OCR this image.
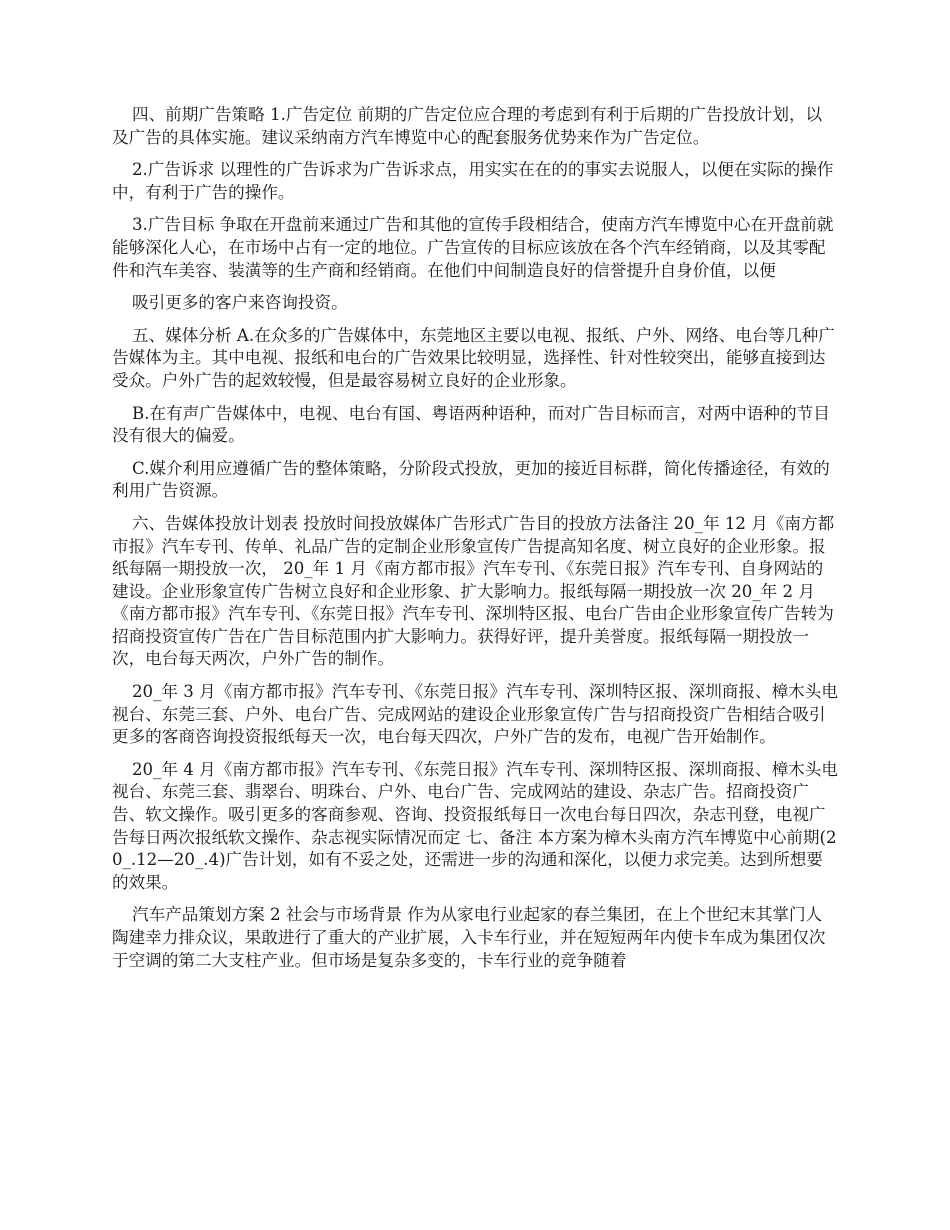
四、前期广告策略 1.广告定位 前期的广告定位应合理的考虑到有利于后期的广告投放计划，以及广告的具体实施。建议采纳南方汽车博览中心的配套服务优势来作为广告定位。

2.广告诉求 以理性的广告诉求为广告诉求点，用实实在在的的事实去说服人，以便在实际的操作中，有利于广告的操作。

3.广告目标 争取在开盘前来通过广告和其他的宣传手段相结合，使南方汽车博览中心在开盘前就能够深化人心，在市场中占有一定的地位。广告宣传的目标应该放在各个汽车经销商，以及其零配件和汽车美容、装潢等的生产商和经销商。在他们中间制造良好的信誉提升自身价值，以便

吸引更多的客户来咨询投资。

五、媒体分析 A.在众多的广告媒体中，东莞地区主要以电视、报纸、户外、网络、电台等几种广告媒体为主。其中电视、报纸和电台的广告效果比较明显，选择性、针对性较突出，能够直接到达受众。户外广告的起效较慢，但是最容易树立良好的企业形象。

B.在有声广告媒体中，电视、电台有国、粤语两种语种，而对广告目标而言，对两中语种的节目没有很大的偏爱。

C.媒介利用应遵循广告的整体策略，分阶段式投放，更加的接近目标群，简化传播途径，有效的利用广告资源。

六、告媒体投放计划表 投放时间投放媒体广告形式广告目的投放方法备注 20_年 12 月《南方都市报》汽车专刊、传单、礼品广告的定制企业形象宣传广告提高知名度、树立良好的企业形象。报纸每隔一期投放一次， 20_年 1 月《南方都市报》汽车专刊、《东莞日报》汽车专刊、自身网站的建设。企业形象宣传广告树立良好和企业形象、扩大影响力。报纸每隔一期投放一次 20_年 2 月《南方都市报》汽车专刊、《东莞日报》汽车专刊、深圳特区报、电台广告由企业形象宣传广告转为招商投资宣传广告在广告目标范围内扩大影响力。获得好评，提升美誉度。报纸每隔一期投放一次，电台每天两次，户外广告的制作。

20_年 3 月《南方都市报》汽车专刊、《东莞日报》汽车专刊、深圳特区报、深圳商报、樟木头电视台、东莞三套、户外、电台广告、完成网站的建设企业形象宣传广告与招商投资广告相结合吸引更多的客商咨询投资报纸每天一次，电台每天四次，户外广告的发布，电视广告开始制作。

20_年 4 月《南方都市报》汽车专刊、《东莞日报》汽车专刊、深圳特区报、深圳商报、樟木头电视台、东莞三套、翡翠台、明珠台、户外、电台广告、完成网站的建设、杂志广告。招商投资广告、软文操作。吸引更多的客商参观、咨询、投资报纸每日一次电台每日四次，杂志刊登，电视广告每日两次报纸软文操作、杂志视实际情况而定 七、备注 本方案为樟木头南方汽车博览中心前期(20_.12—20_.4)广告计划，如有不妥之处，还需进一步的沟通和深化，以便力求完美。达到所想要的效果。

汽车产品策划方案 2 社会与市场背景 作为从家电行业起家的春兰集团，在上个世纪末其掌门人陶建幸力排众议，果敢进行了重大的产业扩展，入卡车行业，并在短短两年内使卡车成为集团仅次于空调的第二大支柱产业。但市场是复杂多变的，卡车行业的竞争随着
